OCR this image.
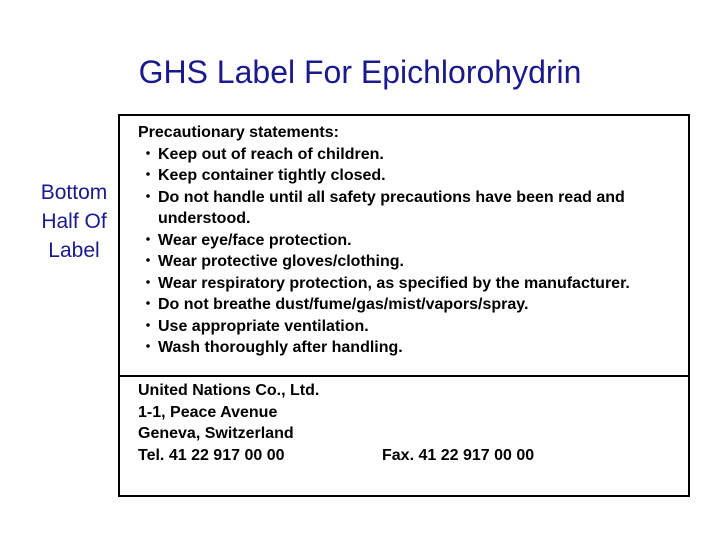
GHS Label For Epichlorohydrin
Bottom
Half Of
Label
Precautionary statements:
・ Keep out of reach of children.
・ Keep container tightly closed.
・ Do not handle until all safety precautions have been read and understood.
・ Wear eye/face protection.
・ Wear protective gloves/clothing.
・ Wear respiratory protection, as specified by the manufacturer.
・ Do not breathe dust/fume/gas/mist/vapors/spray.
・ Use appropriate ventilation.
・ Wash thoroughly after handling.
United Nations Co., Ltd.
1-1, Peace Avenue
Geneva, Switzerland
Tel. 41 22 917 00 00	Fax. 41 22 917 00 00
